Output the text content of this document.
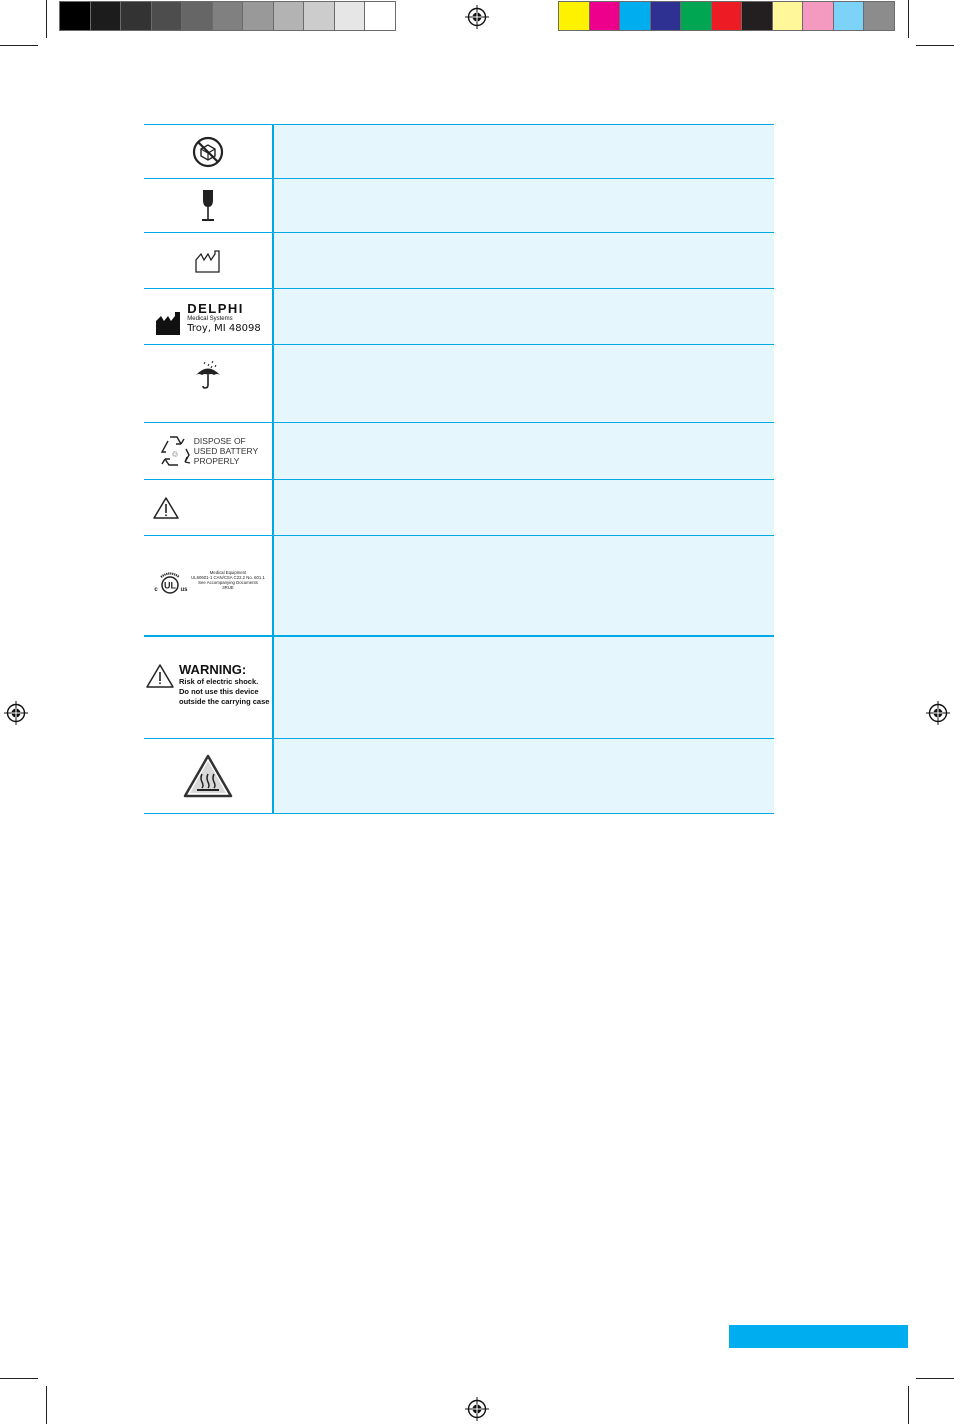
DELPHI
Medical Systems
Troy, MI 48098
♲
DISPOSE OF
USED BATTERY
PROPERLY
UL
c	us
Medical Equipment
UL60601-1 CAN/CSA C22.2 No. 601.1
See Accompanying Documents
3RUE
WARNING:
Risk of electric shock.
Do not use this device
outside the carrying case
